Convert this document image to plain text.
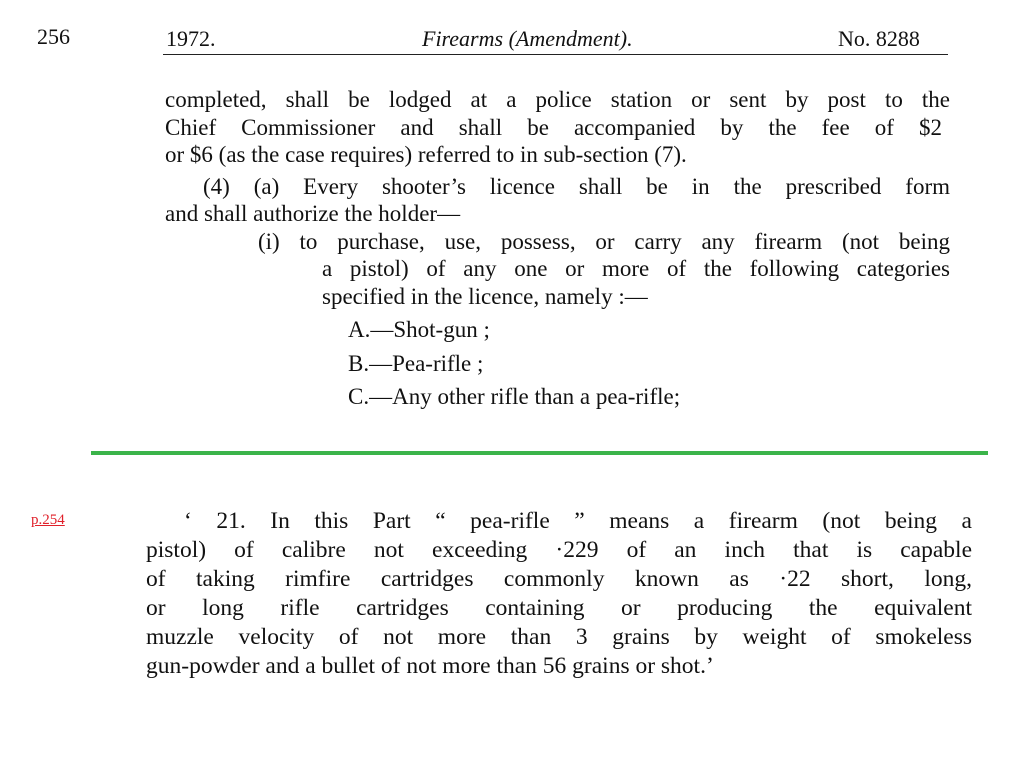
256	1972.	Firearms (Amendment).	No. 8288
completed, shall be lodged at a police station or sent by post to the
Chief Commissioner and shall be accompanied by the fee of $2
or $6 (as the case requires) referred to in sub-section (7).
(4) (a) Every shooter’s licence shall be in the prescribed form
and shall authorize the holder—
(i) to purchase, use, possess, or carry any firearm (not being
a pistol) of any one or more of the following categories
specified in the licence, namely :—
A.—Shot-gun ;
B.—Pea-rifle ;
C.—Any other rifle than a pea-rifle;
p.254	‘ 21. In this Part “ pea-rifle ” means a firearm (not being a
pistol) of calibre not exceeding ·229 of an inch that is capable
of taking rimfire cartridges commonly known as ·22 short, long,
or long rifle cartridges containing or producing the equivalent
muzzle velocity of not more than 3 grains by weight of smokeless
gun-powder and a bullet of not more than 56 grains or shot.’
